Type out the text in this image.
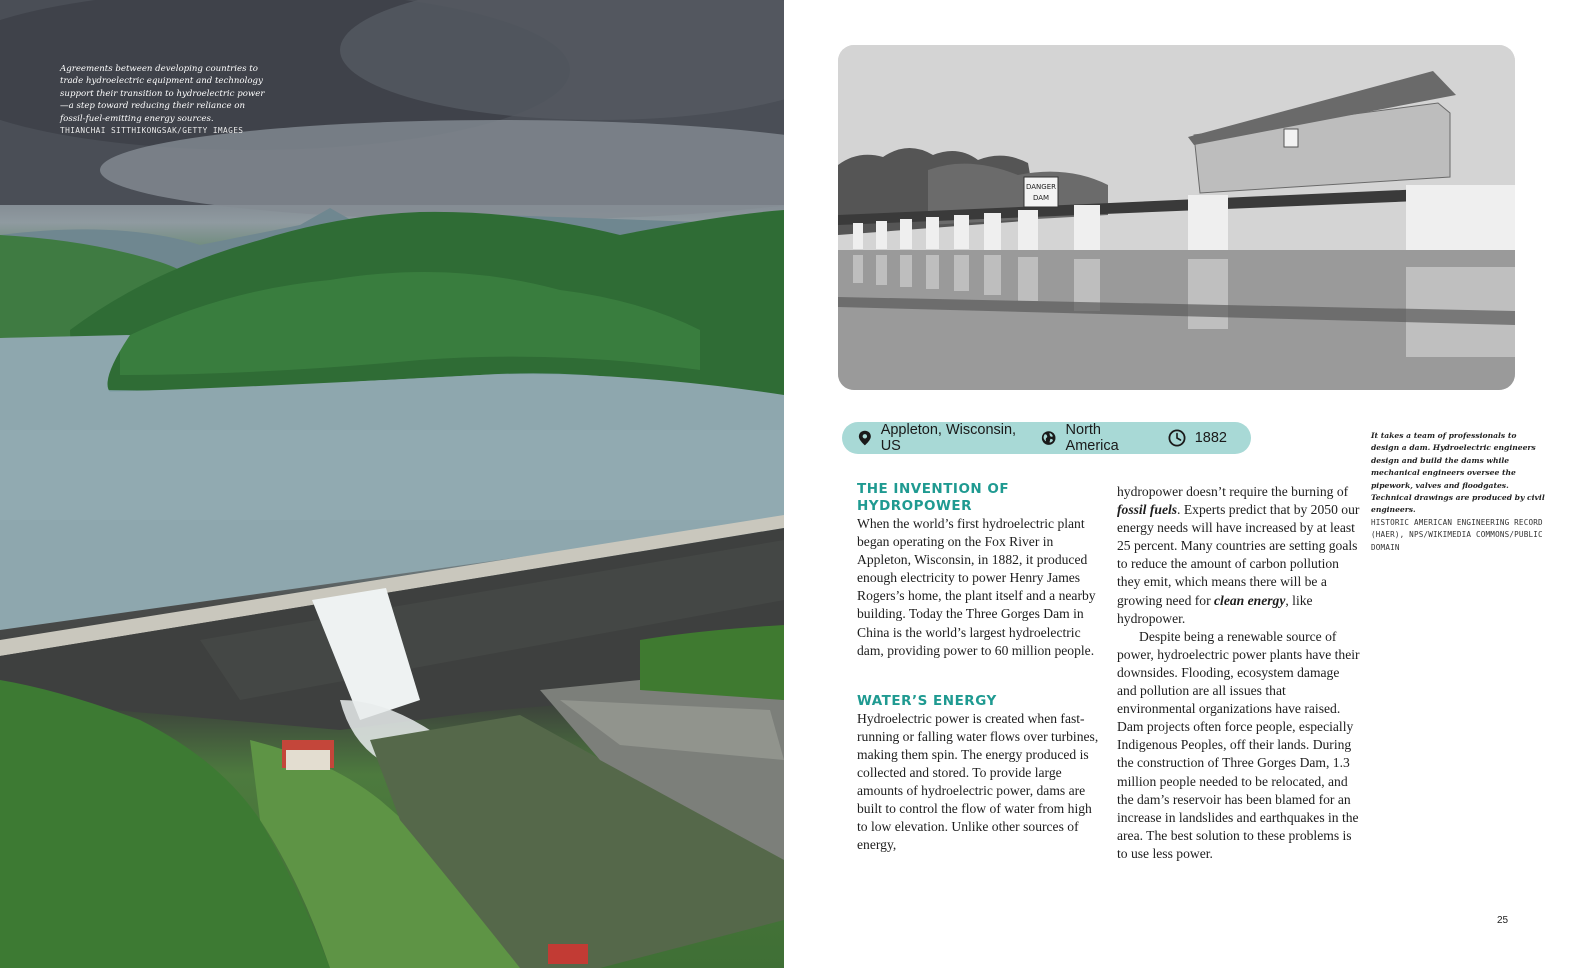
Agreements between developing countries to trade hydroelectric equipment and technology support their transition to hydroelectric power—a step toward reducing their reliance on fossil-fuel-emitting energy sources.
THIANCHAI SITTHIKONGSAK/GETTY IMAGES
DANGER
DAM
Appleton, Wisconsin, US
North America	1882	It takes a team of professionals to design a dam. Hydroelectric engineers design and build the dams while mechanical engineers oversee the pipework, valves and floodgates. Technical drawings are produced by civil engineers.
HISTORIC AMERICAN ENGINEERING RECORD (HAER), NPS/WIKIMEDIA COMMONS/PUBLIC DOMAIN
THE INVENTION OF HYDROPOWER

When the world’s first hydroelectric plant began operating on the Fox River in Appleton, Wisconsin, in 1882, it produced enough electricity to power Henry James Rogers’s home, the plant itself and a nearby building. Today the Three Gorges Dam in China is the world’s largest hydroelectric dam, providing power to 60 million people.

WATER’S ENERGY

Hydroelectric power is created when fast-running or falling water flows over turbines, making them spin. The energy produced is collected and stored. To provide large amounts of hydroelectric power, dams are built to control the flow of water from high to low elevation. Unlike other sources of energy,

hydropower doesn’t require the burning of fossil fuels. Experts predict that by 2050 our energy needs will have increased by at least 25 percent. Many countries are setting goals to reduce the amount of carbon pollution they emit, which means there will be a growing need for clean energy, like hydropower.

Despite being a renewable source of power, hydroelectric power plants have their downsides. Flooding, ecosystem damage and pollution are all issues that environmental organizations have raised. Dam projects often force people, especially Indigenous Peoples, off their lands. During the construction of Three Gorges Dam, 1.3 million people needed to be relocated, and the dam’s reservoir has been blamed for an increase in landslides and earthquakes in the area. The best solution to these problems is to use less power.

25
